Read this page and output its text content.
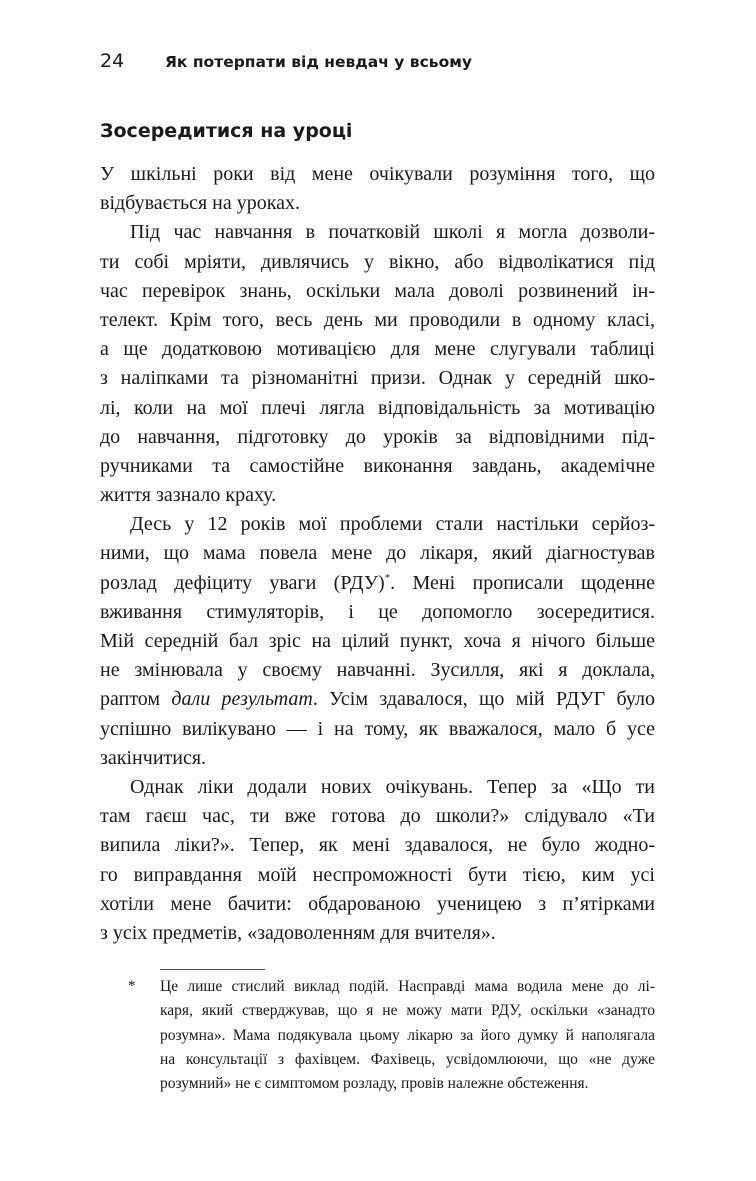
24	Як потерпати від невдач у всьому
Зосередитися на уроці
У шкільні роки від мене очікували розуміння того, що
відбувається на уроках.
Під час навчання в початковій школі я могла дозволи-
ти собі мріяти, дивлячись у вікно, або відволікатися під
час перевірок знань, оскільки мала доволі розвинений ін-
телект. Крім того, весь день ми проводили в одному класі,
а ще додатковою мотивацією для мене слугували таблиці
з наліпками та різноманітні призи. Однак у середній шко-
лі, коли на мої плечі лягла відповідальність за мотивацію
до навчання, підготовку до уроків за відповідними під-
ручниками та самостійне виконання завдань, академічне
життя зазнало краху.
Десь у 12 років мої проблеми стали настільки серйоз-
ними, що мама повела мене до лікаря, який діагностував
розлад дефіциту уваги (РДУ)*. Мені прописали щоденне
вживання стимуляторів, і це допомогло зосередитися.
Мій середній бал зріс на цілий пункт, хоча я нічого більше
не змінювала у своєму навчанні. Зусилля, які я доклала,
раптом дали результат. Усім здавалося, що мій РДУГ було
успішно вилікувано — і на тому, як вважалося, мало б усе
закінчитися.
Однак ліки додали нових очікувань. Тепер за «Що ти
там гаєш час, ти вже готова до школи?» слідувало «Ти
випила ліки?». Тепер, як мені здавалося, не було жодно-
го виправдання моїй неспроможності бути тією, ким усі
хотіли мене бачити: обдарованою ученицею з п’ятірками
з усіх предметів, «задоволенням для вчителя».
* Це лише стислий виклад подій. Насправді мама водила мене до лі-
каря, який стверджував, що я не можу мати РДУ, оскільки «занадто
розумна». Мама подякувала цьому лікарю за його думку й наполягала
на консультації з фахівцем. Фахівець, усвідомлюючи, що «не дуже
розумний» не є симптомом розладу, провів належне обстеження.
